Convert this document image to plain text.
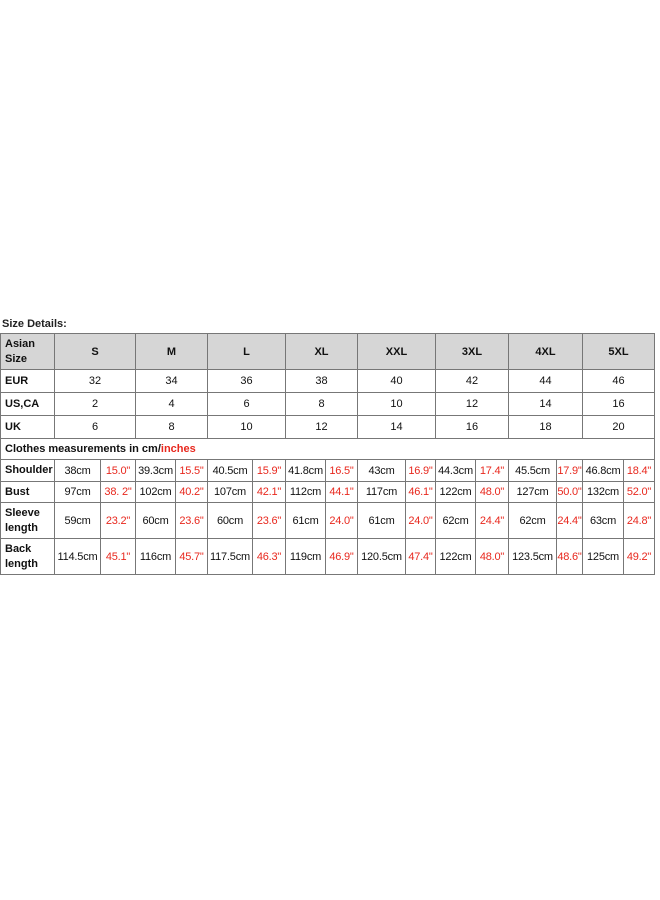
Size Details:
Asian Size	S		M		L		XL		XXL		3XL		4XL		5XL	
EUR	32		34		36		38		40		42		44		46	
US,CA	2		4		6		8		10		12		14		16	
UK	6		8		10		12		14		16		18		20	
Clothes measurements in cm/inches																
Shoulder	38cm	15.0"	39.3cm	15.5"	40.5cm	15.9"	41.8cm	16.5"	43cm	16.9"	44.3cm	17.4"	45.5cm	17.9"	46.8cm	18.4"
Bust	97cm	38. 2"	102cm	40.2"	107cm	42.1"	112cm	44.1"	117cm	46.1"	122cm	48.0"	127cm	50.0"	132cm	52.0"
Sleeve length	59cm	23.2"	60cm	23.6"	60cm	23.6"	61cm	24.0"	61cm	24.0"	62cm	24.4"	62cm	24.4"	63cm	24.8"
Back length	114.5cm	45.1"	116cm	45.7"	117.5cm	46.3"	119cm	46.9"	120.5cm	47.4"	122cm	48.0"	123.5cm	48.6"	125cm	49.2"
